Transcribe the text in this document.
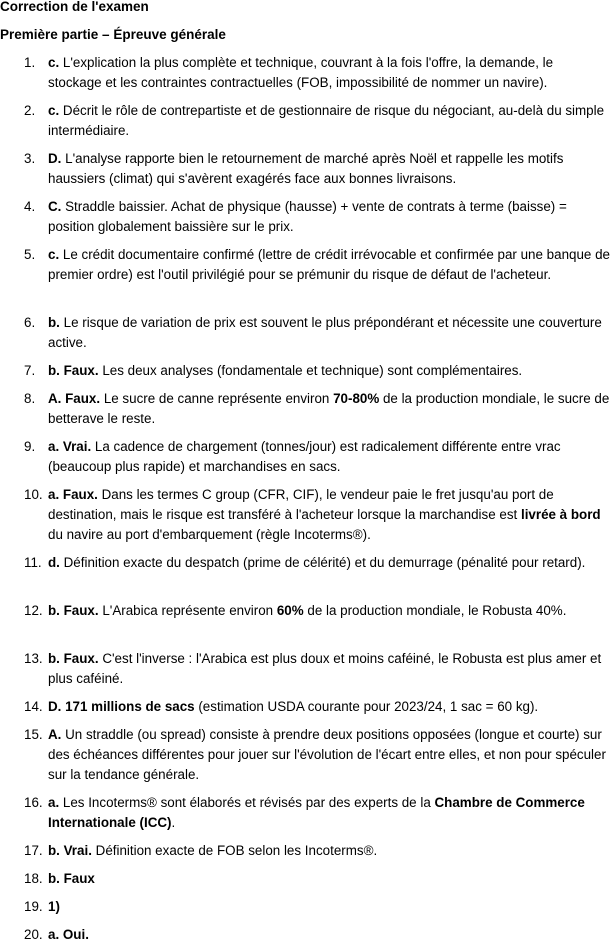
Correction de l'examen
Première partie – Épreuve générale
1. c. L'explication la plus complète et technique, couvrant à la fois l'offre, la demande, le stockage et les contraintes contractuelles (FOB, impossibilité de nommer un navire).
2. c. Décrit le rôle de contrepartiste et de gestionnaire de risque du négociant, au-delà du simple intermédiaire.
3. D. L'analyse rapporte bien le retournement de marché après Noël et rappelle les motifs haussiers (climat) qui s'avèrent exagérés face aux bonnes livraisons.
4. C. Straddle baissier. Achat de physique (hausse) + vente de contrats à terme (baisse) = position globalement baissière sur le prix.
5. c. Le crédit documentaire confirmé (lettre de crédit irrévocable et confirmée par une banque de premier ordre) est l'outil privilégié pour se prémunir du risque de défaut de l'acheteur.
6. b. Le risque de variation de prix est souvent le plus prépondérant et nécessite une couverture active.
7. b. Faux. Les deux analyses (fondamentale et technique) sont complémentaires.
8. A. Faux. Le sucre de canne représente environ 70-80% de la production mondiale, le sucre de betterave le reste.
9. a. Vrai. La cadence de chargement (tonnes/jour) est radicalement différente entre vrac (beaucoup plus rapide) et marchandises en sacs.
10. a. Faux. Dans les termes C group (CFR, CIF), le vendeur paie le fret jusqu'au port de destination, mais le risque est transféré à l'acheteur lorsque la marchandise est livrée à bord du navire au port d'embarquement (règle Incoterms®).
11. d. Définition exacte du despatch (prime de célérité) et du demurrage (pénalité pour retard).
12. b. Faux. L'Arabica représente environ 60% de la production mondiale, le Robusta 40%.
13. b. Faux. C'est l'inverse : l'Arabica est plus doux et moins caféiné, le Robusta est plus amer et plus caféiné.
14. D. 171 millions de sacs (estimation USDA courante pour 2023/24, 1 sac = 60 kg).
15. A. Un straddle (ou spread) consiste à prendre deux positions opposées (longue et courte) sur des échéances différentes pour jouer sur l'évolution de l'écart entre elles, et non pour spéculer sur la tendance générale.
16. a. Les Incoterms® sont élaborés et révisés par des experts de la Chambre de Commerce Internationale (ICC).
17. b. Vrai. Définition exacte de FOB selon les Incoterms®.
18. b. Faux
19. 1)
20. a. Oui.
